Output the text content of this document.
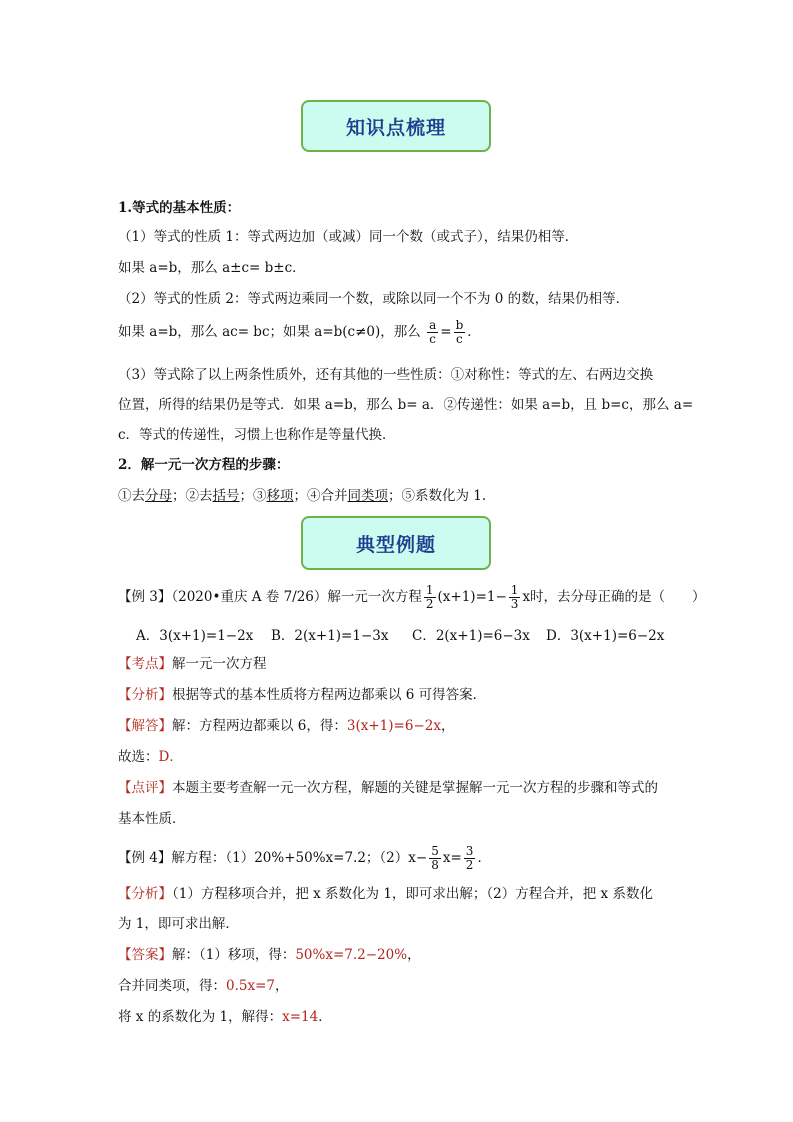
知识点梳理
1.等式的基本性质：
（1）等式的性质 1：等式两边加（或减）同一个数（或式子），结果仍相等．
如果 a=b，那么 a±c= b±c．
（2）等式的性质 2：等式两边乘同一个数，或除以同一个不为 0 的数，结果仍相等．
如果 a=b，那么 ac= bc；如果 a=b(c≠0)，那么 $\frac{a}{c} = \frac{b}{c}$ ．
（3）等式除了以上两条性质外，还有其他的一些性质：①对称性：等式的左、右两边交换
位置，所得的结果仍是等式．如果 a=b，那么 b= a．②传递性：如果 a=b，且 b=c，那么 a=
c．等式的传递性，习惯上也称作是等量代换．
2．解一元一次方程的步骤：
①去分母；②去括号；③移项；④合并同类项；⑤系数化为 1.
典型例题
【例 3】（2020•重庆 A 卷 7/26）解一元一次方程 $\frac{1}{2} (x+1)=1- \frac{1}{3}$ x时，去分母正确的是（　　）
A．3(x+1)=1−2x B．2(x+1)=1−3x C．2(x+1)=6−3x D．3(x+1)=6−2x
【考点】解一元一次方程
【分析】根据等式的基本性质将方程两边都乘以 6 可得答案．
【解答】解：方程两边都乘以 6，得：3(x+1)=6−2x，
故选：D．
【点评】本题主要考查解一元一次方程，解题的关键是掌握解一元一次方程的步骤和等式的
基本性质．
【例 4】解方程：（1）20%+50%x=7.2；$(2)x- \frac{5}{8} x= \frac{3}{2}$ ．
【分析】（1）方程移项合并，把 x 系数化为 1，即可求出解；（2）方程合并，把 x 系数化
为 1，即可求出解．
【答案】解：（1）移项，得：50%x=7.2−20%，
合并同类项，得：0.5x=7，
将 x 的系数化为 1，解得：x=14．
